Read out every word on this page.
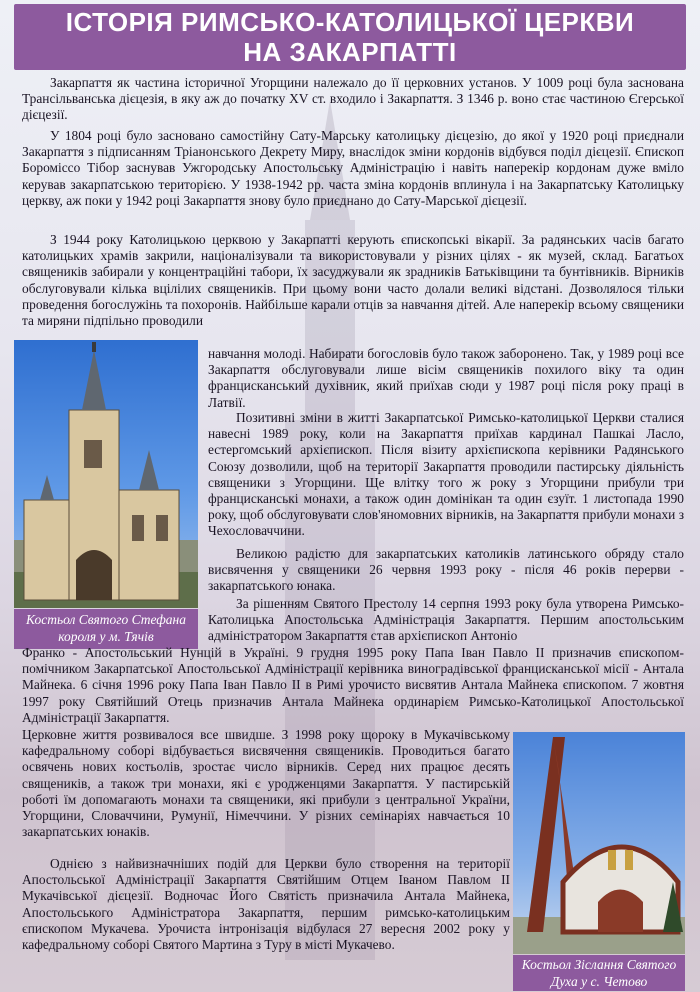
ІСТОРІЯ РИМСЬКО-КАТОЛИЦЬКОЇ ЦЕРКВИ
НА ЗАКАРПАТТІ

Закарпаття як частина історичної Угорщини належало до її церковних установ. У 1009 році була заснована Трансільванська дієцезія, в яку аж до початку XV ст. входило і Закарпаття. З 1346 р. воно стає частиною Єгерської дієцезії.

У 1804 році було засновано самостійну Сату-Марську католицьку дієцезію, до якої у 1920 році приєднали Закарпаття з підписанням Тріанонського Декрету Миру, внаслідок зміни кордонів відбувся поділ дієцезії. Єпископ Бороміссо Тібор заснував Ужгородську Апостольську Адміністрацію і навіть наперекір кордонам дуже вміло керував закарпатською територією. У 1938-1942 рр. часта зміна кордонів вплинула і на Закарпатську Католицьку церкву, аж поки у 1942 році Закарпаття знову було приєднано до Сату-Марської дієцезії.

З 1944 року Католицькою церквою у Закарпатті керують єпископські вікарії. За радянських часів багато католицьких храмів закрили, націоналізували та використовували у різних цілях - як музей, склад. Багатьох священиків забирали у концентраційні табори, їх засуджували як зрадників Батьківщини та бунтівників. Вірників обслуговували кілька вцілілих священиків. При цьому вони часто долали великі відстані. Дозволялося тільки проведення богослужінь та похоронів. Найбільше карали отців за навчання дітей. Але наперекір всьому священики та миряни підпільно проводили

Костьол Святого Стефана короля у м. Тячів

навчання молоді. Набирати богословів було також заборонено. Так, у 1989 році все Закарпаття обслуговували лише вісім священиків похилого віку та один францисканський духівник, який приїхав сюди у 1987 році після року праці в Латвії.

Позитивні зміни в житті Закарпатської Римсько-католицької Церкви сталися навесні 1989 року, коли на Закарпаття приїхав кардинал Пашкаі Ласло, естергомський архієпископ. Після візиту архієпископа керівники Радянського Союзу дозволили, щоб на території Закарпаття проводили пастирську діяльність священики з Угорщини. Ще влітку того ж року з Угорщини прибули три францисканські монахи, а також один домінікан та один єзуїт. 1 листопада 1990 року, щоб обслуговувати слов'яномовних вірників, на Закарпаття прибули монахи з Чехословаччини.

Великою радістю для закарпатських католиків латинського обряду стало висвячення у священики 26 червня 1993 року - після 46 років перерви - закарпатського юнака.

За рішенням Святого Престолу 14 серпня 1993 року була утворена Римсько-Католицька Апостольська Адміністрація Закарпаття. Першим апостольським адміністратором Закарпаття став архієпископ Антоніо

Франко - Апостольський Нунцій в Україні. 9 грудня 1995 року Папа Іван Павло II призначив єпископом-помічником Закарпатської Апостольської Адміністрації керівника виноградівської францисканської місії - Антала Майнека. 6 січня 1996 року Папа Іван Павло II в Римі урочисто висвятив Антала Майнека єпископом. 7 жовтня 1997 року Святійший Отець призначив Антала Майнека ординарієм Римсько-Католицької Апостольської Адміністрації Закарпаття.

Церковне життя розвивалося все швидше. З 1998 року щороку в Мукачівському кафедральному соборі відбувається висвячення священиків. Проводиться багато освячень нових костьолів, зростає число вірників. Серед них працює десять священиків, а також три монахи, які є уродженцями Закарпаття. У пастирській роботі їм допомагають монахи та священики, які прибули з центральної України, Угорщини, Словаччини, Румунії, Німеччини. У різних семінаріях навчається 10 закарпатських юнаків.

Однією з найвизначніших подій для Церкви було створення на території Апостольської Адміністрації Закарпаття Святійшим Отцем Іваном Павлом II Мукачівської дієцезії. Водночас Його Святість призначила Антала Майнека, Апостольського Адміністратора Закарпаття, першим римсько-католицьким єпископом Мукачева. Урочиста інтронізація відбулася 27 вересня 2002 року у кафедральному соборі Святого Мартина з Туру в місті Мукачево.

Костьол Зіслання Святого Духа у с. Четово
